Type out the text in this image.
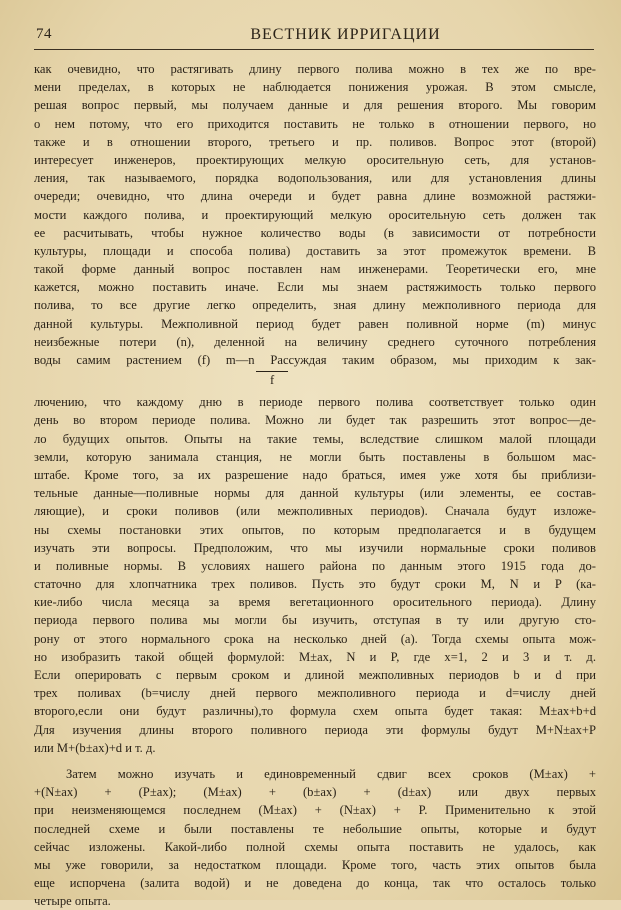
74	ВЕСТНИК ИРРИГАЦИИ
как очевидно, что растягивать длину первого полива можно в тех же по вре-
мени пределах, в которых не наблюдается понижения урожая. В этом смысле,
решая вопрос первый, мы получаем данные и для решения второго. Мы говорим
о нем потому, что его приходится поставить не только в отношении первого, но
также и в отношении второго, третьего и пр. поливов. Вопрос этот (второй)
интересует инженеров, проектирующих мелкую оросительную сеть, для установ-
ления, так называемого, порядка водопользования, или для установления длины
очереди; очевидно, что длина очереди и будет равна длине возможной растяжи-
мости каждого полива, и проектирующий мелкую оросительную сеть должен так
ее расчитывать, чтобы нужное количество воды (в зависимости от потребности
культуры, площади и способа полива) доставить за этот промежуток времени. В
такой форме данный вопрос поставлен нам инженерами. Теоретически его, мне
кажется, можно поставить иначе. Если мы знаем растяжимость только первого
полива, то все другие легко определить, зная длину межполивного периода для
данной культуры. Межполивной период будет равен поливной норме (m) минус
неизбежные потери (n), деленной на величину среднего суточного потребления
воды самим растением (f) m—n Рассуждая таким образом, мы приходим к зак-
f
лючению, что каждому дню в периоде первого полива соответствует только один
день во втором периоде полива. Можно ли будет так разрешить этот вопрос—де-
ло будущих опытов. Опыты на такие темы, вследствие слишком малой площади
земли, которую занимала станция, не могли быть поставлены в большом мас-
штабе. Кроме того, за их разрешение надо браться, имея уже хотя бы приблизи-
тельные данные—поливные нормы для данной культуры (или элементы, ее состав-
ляющие), и сроки поливов (или межполивных периодов). Сначала будут изложе-
ны схемы постановки этих опытов, по которым предполагается и в будущем
изучать эти вопросы. Предположим, что мы изучили нормальные сроки поливов
и поливные нормы. В условиях нашего района по данным этого 1915 года до-
статочно для хлопчатника трех поливов. Пусть это будут сроки M, N и P (ка-
кие-либо числа месяца за время вегетационного оросительного периода). Длину
периода первого полива мы могли бы изучить, отступая в ту или другую сто-
рону от этого нормального срока на несколько дней (a). Тогда схемы опыта мож-
но изобразить такой общей формулой: M±ax, N и P, где x=1, 2 и 3 и т. д.
Если оперировать с первым сроком и длиной межполивных периодов b и d при
трех поливах (b=числу дней первого межполивного периода и d=числу дней
второго,если они будут различны),то формула схем опыта будет такая: M±ax+b+d
Для изучения длины второго поливного периода эти формулы будут M+N±ax+P
или M+(b±ax)+d и т. д.
Затем можно изучать и единовременный сдвиг всех сроков (M±ax) +
+(N±ax) + (P±ax); (M±ax) + (b±ax) + (d±ax) или двух первых
при неизменяющемся последнем (M±ax) + (N±ax) + P. Применительно к этой
последней схеме и были поставлены те небольшие опыты, которые и будут
сейчас изложены. Какой-либо полной схемы опыта поставить не удалось, как
мы уже говорили, за недостатком площади. Кроме того, часть этих опытов была
еще испорчена (залита водой) и не доведена до конца, так что осталось только
четыре опыта.
